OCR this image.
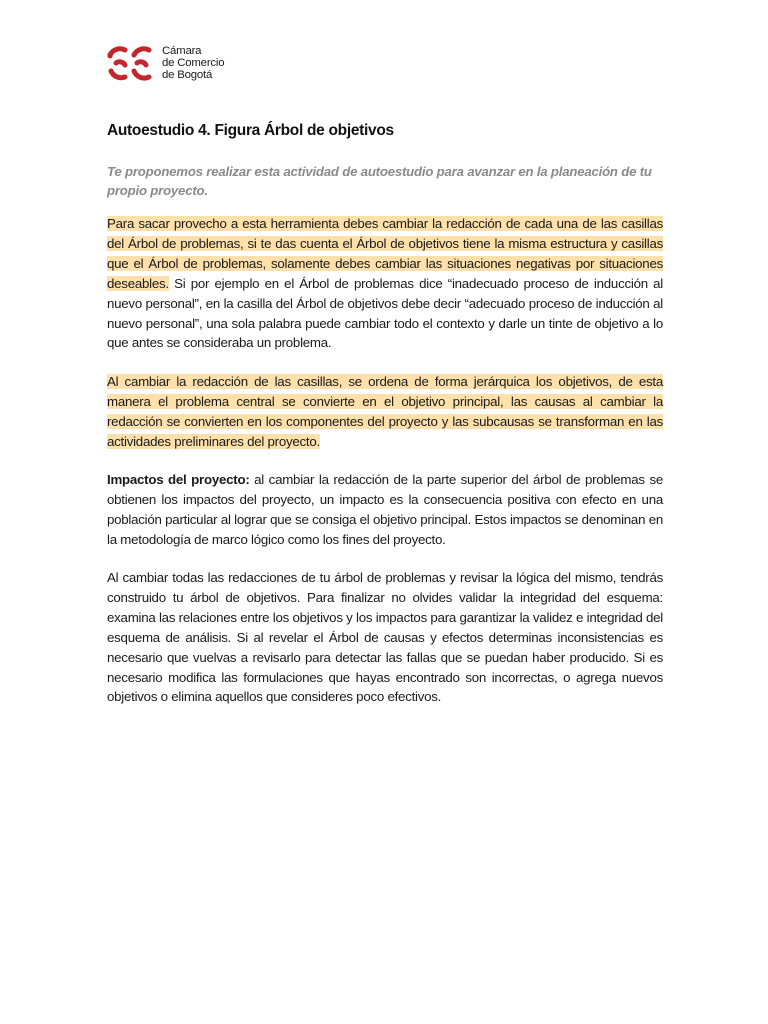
Cámara
de Comercio
de Bogotá
Autoestudio 4. Figura Árbol de objetivos

Te proponemos realizar esta actividad de autoestudio para avanzar en la planeación de tu propio proyecto.

Para sacar provecho a esta herramienta debes cambiar la redacción de cada una de las casillas del Árbol de problemas, si te das cuenta el Árbol de objetivos tiene la misma estructura y casillas que el Árbol de problemas, solamente debes cambiar las situaciones negativas por situaciones deseables. Si por ejemplo en el Árbol de problemas dice “inadecuado proceso de inducción al nuevo personal”, en la casilla del Árbol de objetivos debe decir “adecuado proceso de inducción al nuevo personal”, una sola palabra puede cambiar todo el contexto y darle un tinte de objetivo a lo que antes se consideraba un problema.

Al cambiar la redacción de las casillas, se ordena de forma jerárquica los objetivos, de esta manera el problema central se convierte en el objetivo principal, las causas al cambiar la redacción se convierten en los componentes del proyecto y las subcausas se transforman en las actividades preliminares del proyecto.

Impactos del proyecto: al cambiar la redacción de la parte superior del árbol de problemas se obtienen los impactos del proyecto, un impacto es la consecuencia positiva con efecto en una población particular al lograr que se consiga el objetivo principal. Estos impactos se denominan en la metodología de marco lógico como los fines del proyecto.

Al cambiar todas las redacciones de tu árbol de problemas y revisar la lógica del mismo, tendrás construido tu árbol de objetivos. Para finalizar no olvides validar la integridad del esquema: examina las relaciones entre los objetivos y los impactos para garantizar la validez e integridad del esquema de análisis. Si al revelar el Árbol de causas y efectos determinas inconsistencias es necesario que vuelvas a revisarlo para detectar las fallas que se puedan haber producido. Si es necesario modifica las formulaciones que hayas encontrado son incorrectas, o agrega nuevos objetivos o elimina aquellos que consideres poco efectivos.
